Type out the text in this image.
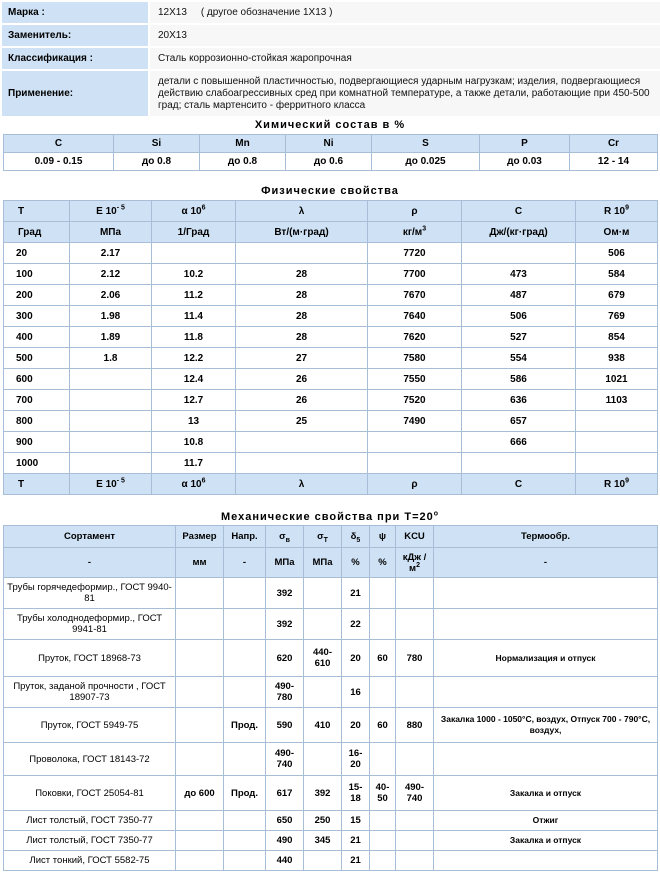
Марка :	12Х13 ( другое обозначение 1Х13 )
Заменитель:	20Х13
Классификация :	Сталь коррозионно-стойкая жаропрочная
Применение:	детали с повышенной пластичностью, подвергающиеся ударным нагрузкам; изделия, подвергающиеся действию слабоагрессивных сред при комнатной температуре, а также детали, работающие при 450-500 град; сталь мартенсито - ферритного класса
Химический состав в %
C	Si	Mn	Ni	S	P	Cr
0.09 - 0.15	до 0.8	до 0.8	до 0.6	до 0.025	до 0.03	12 - 14
Физические свойства
T	E $10^{- 5}$	α $10^6$	λ	ρ	C	R $10^9$
Град	МПа	1/Град	Вт/(м·град)	$кг/м^3$	Дж/(кг·град)	Ом·м
20	2.17			7720		506
100	2.12	10.2	28	7700	473	584
200	2.06	11.2	28	7670	487	679
300	1.98	11.4	28	7640	506	769
400	1.89	11.8	28	7620	527	854
500	1.8	12.2	27	7580	554	938
600		12.4	26	7550	586	1021
700		12.7	26	7520	636	1103
800		13	25	7490	657	
900		10.8			666	
1000		11.7				
T	E $10^{- 5}$	α $10^6$	λ	ρ	C	R $10^9$
Механические свойства при $Т=20^о$
Сортамент	Размер	Напр.	$\sigma_в$	$\sigma_T$	$\delta_5$	ψ	KCU	Термообр.
-	мм	-	МПа	МПа	%	%	кДж / $м^2$	-
Трубы горячедеформир., ГОСТ 9940-81			392		21			
Трубы холоднодеформир., ГОСТ 9941-81			392		22			
Пруток, ГОСТ 18968-73			620	440-610	20	60	780	Нормализация и отпуск
Пруток, заданой прочности , ГОСТ 18907-73			490-780		16			
Пруток, ГОСТ 5949-75		Прод.	590	410	20	60	880	Закалка 1000 - 1050°C, воздух, Отпуск 700 - 790°C, воздух,
Проволока, ГОСТ 18143-72			490-740		16-20			
Поковки, ГОСТ 25054-81	до 600	Прод.	617	392	15-18	40-50	490-740	Закалка и отпуск
Лист толстый, ГОСТ 7350-77			650	250	15			Отжиг
Лист толстый, ГОСТ 7350-77			490	345	21			Закалка и отпуск
Лист тонкий, ГОСТ 5582-75			440		21			
